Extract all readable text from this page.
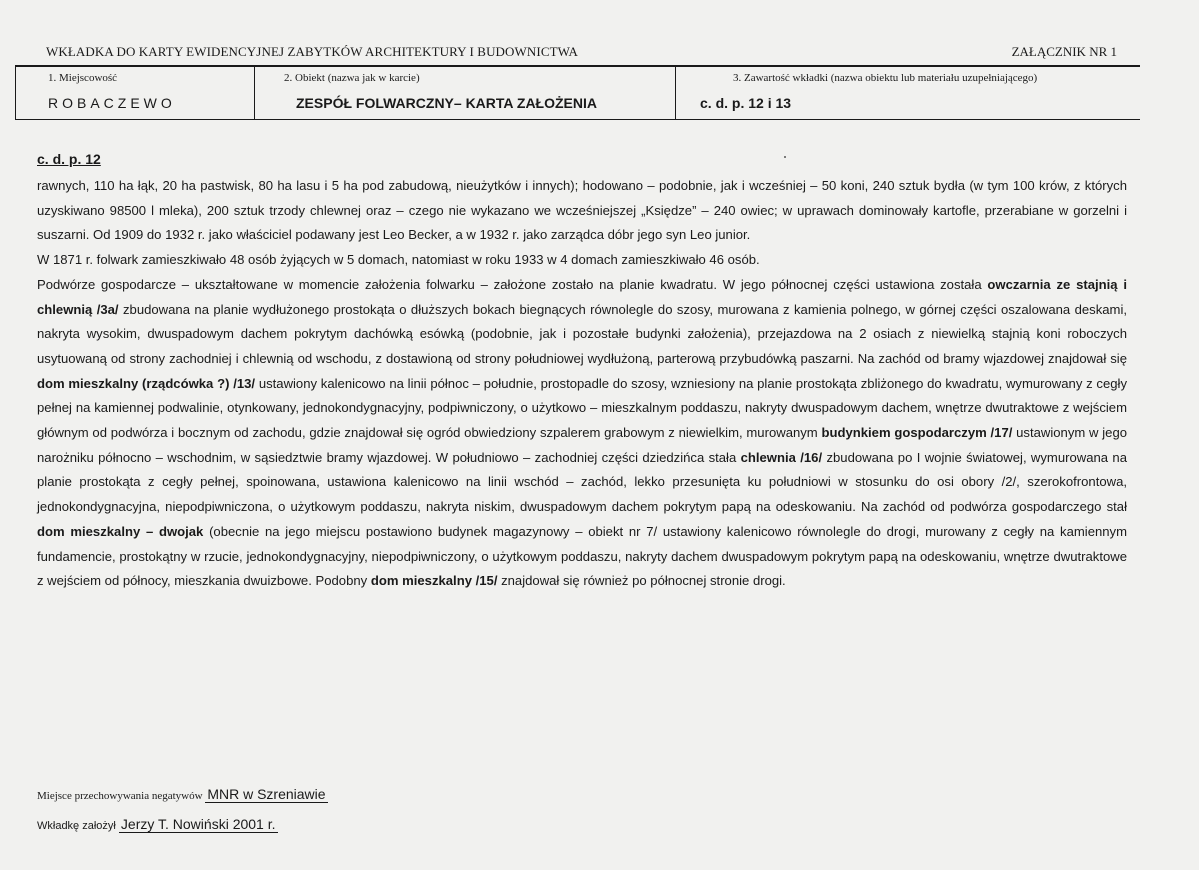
WKŁADKA DO KARTY EWIDENCYJNEJ ZABYTKÓW ARCHITEKTURY I BUDOWNICTWA	ZAŁĄCZNIK NR 1
1. Miejscowość
ROBACZEWO
2. Obiekt (nazwa jak w karcie)
ZESPÓŁ FOLWARCZNY– KARTA ZAŁOŻENIA
3. Zawartość wkładki (nazwa obiektu lub materiału uzupełniającego)
c. d. p. 12 i 13
c. d. p. 12

rawnych, 110 ha łąk, 20 ha pastwisk, 80 ha lasu i 5 ha pod zabudową, nieużytków i innych); hodowano – podobnie, jak i wcześniej – 50 koni, 240 sztuk bydła (w tym 100 krów, z których uzyskiwano 98500 l mleka), 200 sztuk trzody chlewnej oraz – czego nie wykazano we wcześniejszej „Księdze” – 240 owiec; w uprawach dominowały kartofle, przerabiane w gorzelni i suszarni. Od 1909 do 1932 r. jako właściciel podawany jest Leo Becker, a w 1932 r. jako zarządca dóbr jego syn Leo junior.

W 1871 r. folwark zamieszkiwało 48 osób żyjących w 5 domach, natomiast w roku 1933 w 4 domach zamieszkiwało 46 osób.

Podwórze gospodarcze – ukształtowane w momencie założenia folwarku – założone zostało na planie kwadratu. W jego północnej części ustawiona została owczarnia ze stajnią i chlewnią /3a/ zbudowana na planie wydłużonego prostokąta o dłuższych bokach biegnących równolegle do szosy, murowana z kamienia polnego, w górnej części oszalowana deskami, nakryta wysokim, dwuspadowym dachem pokrytym dachówką esówką (podobnie, jak i pozostałe budynki założenia), przejazdowa na 2 osiach z niewielką stajnią koni roboczych usytuowaną od strony zachodniej i chlewnią od wschodu, z dostawioną od strony południowej wydłużoną, parterową przybudówką paszarni. Na zachód od bramy wjazdowej znajdował się dom mieszkalny (rządcówka ?) /13/ ustawiony kalenicowo na linii północ – południe, prostopadle do szosy, wzniesiony na planie prostokąta zbliżonego do kwadratu, wymurowany z cegły pełnej na kamiennej podwalinie, otynkowany, jednokondygnacyjny, podpiwniczony, o użytkowo – mieszkalnym poddaszu, nakryty dwuspadowym dachem, wnętrze dwutraktowe z wejściem głównym od podwórza i bocznym od zachodu, gdzie znajdował się ogród obwiedziony szpalerem grabowym z niewielkim, murowanym budynkiem gospodarczym /17/ ustawionym w jego narożniku północno – wschodnim, w sąsiedztwie bramy wjazdowej. W południowo – zachodniej części dziedzińca stała chlewnia /16/ zbudowana po I wojnie światowej, wymurowana na planie prostokąta z cegły pełnej, spoinowana, ustawiona kalenicowo na linii wschód – zachód, lekko przesunięta ku południowi w stosunku do osi obory /2/, szerokofrontowa, jednokondygnacyjna, niepodpiwniczona, o użytkowym poddaszu, nakryta niskim, dwuspadowym dachem pokrytym papą na odeskowaniu. Na zachód od podwórza gospodarczego stał dom mieszkalny – dwojak (obecnie na jego miejscu postawiono budynek magazynowy – obiekt nr 7/ ustawiony kalenicowo równolegle do drogi, murowany z cegły na kamiennym fundamencie, prostokątny w rzucie, jednokondygnacyjny, niepodpiwniczony, o użytkowym poddaszu, nakryty dachem dwuspadowym pokrytym papą na odeskowaniu, wnętrze dwutraktowe z wejściem od północy, mieszkania dwuizbowe. Podobny dom mieszkalny /15/ znajdował się również po północnej stronie drogi.

Miejsce przechowywania negatywów MNR w Szreniawie
Wkładkę założył Jerzy T. Nowiński 2001 r.
